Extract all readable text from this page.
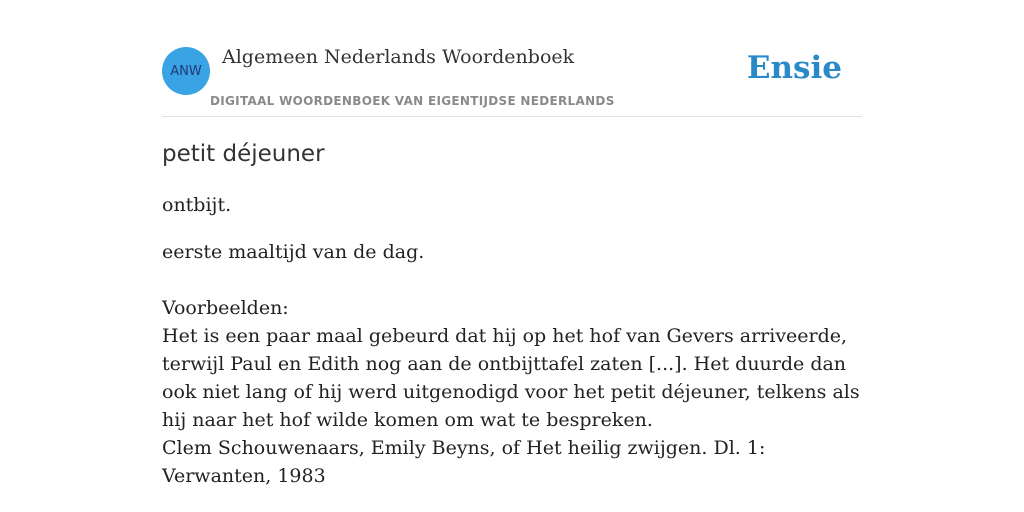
ANW
Algemeen Nederlands Woordenboek
DIGITAAL WOORDENBOEK VAN EIGENTIJDSE NEDERLANDS
Ensie
petit déjeuner
ontbijt.
eerste maaltijd van de dag.
Voorbeelden:
Het is een paar maal gebeurd dat hij op het hof van Gevers arriveerde, terwijl Paul en Edith nog aan de ontbijttafel zaten [...]. Het duurde dan ook niet lang of hij werd uitgenodigd voor het petit déjeuner, telkens als hij naar het hof wilde komen om wat te bespreken.
Clem Schouwenaars, Emily Beyns, of Het heilig zwijgen. Dl. 1: Verwanten, 1983
